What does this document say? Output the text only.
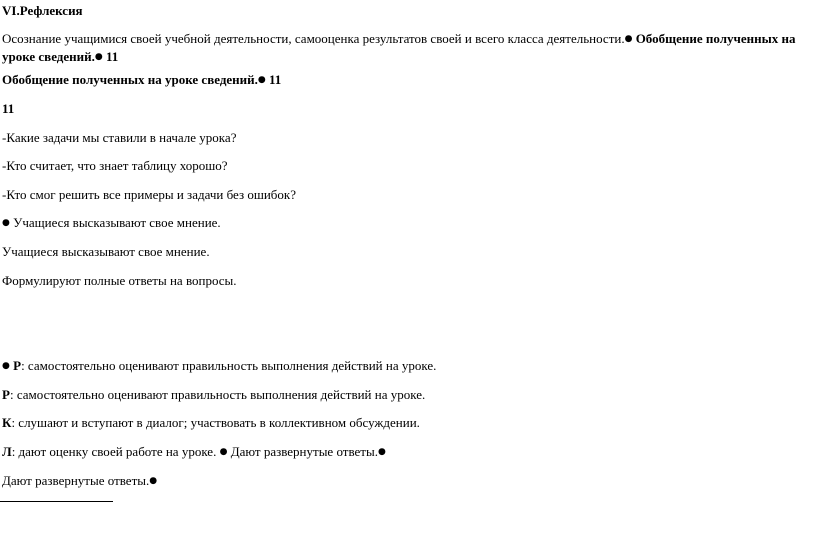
VI.Рефлексия

Осознание учащимися своей учебной деятельности, самооценка результатов своей и всего класса деятельности.● Обобщение полученных на уроке сведений.● 11

Обобщение полученных на уроке сведений.● 11

11

-Какие задачи мы ставили в начале урока?

-Кто считает, что знает таблицу хорошо?

-Кто смог решить все примеры и задачи без ошибок?

● Учащиеся высказывают свое мнение.

Учащиеся высказывают свое мнение.

Формулируют полные ответы на вопросы.

● Р: самостоятельно оценивают правильность выполнения действий на уроке.

Р: самостоятельно оценивают правильность выполнения действий на уроке.

К: слушают и вступают в диалог; участвовать в коллективном обсуждении.

Л: дают оценку своей работе на уроке. ● Дают развернутые ответы.●

Дают развернутые ответы.●
